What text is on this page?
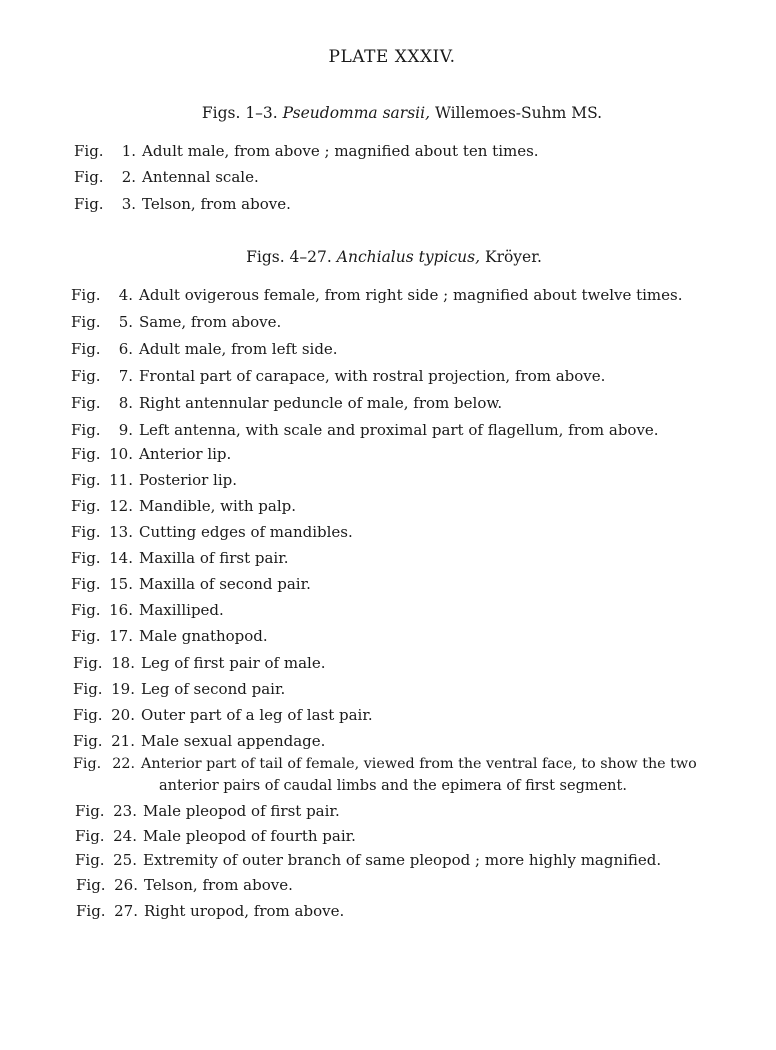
PLATE XXXIV.
Figs. 1–3. Pseudomma sarsii, Willemoes-Suhm MS.
Fig. 1. Adult male, from above ; magnified about ten times.
Fig. 2. Antennal scale.
Fig. 3. Telson, from above.
Figs. 4–27. Anchialus typicus, Kröyer.
Fig. 4. Adult ovigerous female, from right side ; magnified about twelve times.
Fig. 5. Same, from above.
Fig. 6. Adult male, from left side.
Fig. 7. Frontal part of carapace, with rostral projection, from above.
Fig. 8. Right antennular peduncle of male, from below.
Fig. 9. Left antenna, with scale and proximal part of flagellum, from above.
Fig. 10. Anterior lip.
Fig. 11. Posterior lip.
Fig. 12. Mandible, with palp.
Fig. 13. Cutting edges of mandibles.
Fig. 14. Maxilla of first pair.
Fig. 15. Maxilla of second pair.
Fig. 16. Maxilliped.
Fig. 17. Male gnathopod.
Fig. 18. Leg of first pair of male.
Fig. 19. Leg of second pair.
Fig. 20. Outer part of a leg of last pair.
Fig. 21. Male sexual appendage.
Fig. 22. Anterior part of tail of female, viewed from the ventral face, to show the two
anterior pairs of caudal limbs and the epimera of first segment.
Fig. 23. Male pleopod of first pair.
Fig. 24. Male pleopod of fourth pair.
Fig. 25. Extremity of outer branch of same pleopod ; more highly magnified.
Fig. 26. Telson, from above.
Fig. 27. Right uropod, from above.
